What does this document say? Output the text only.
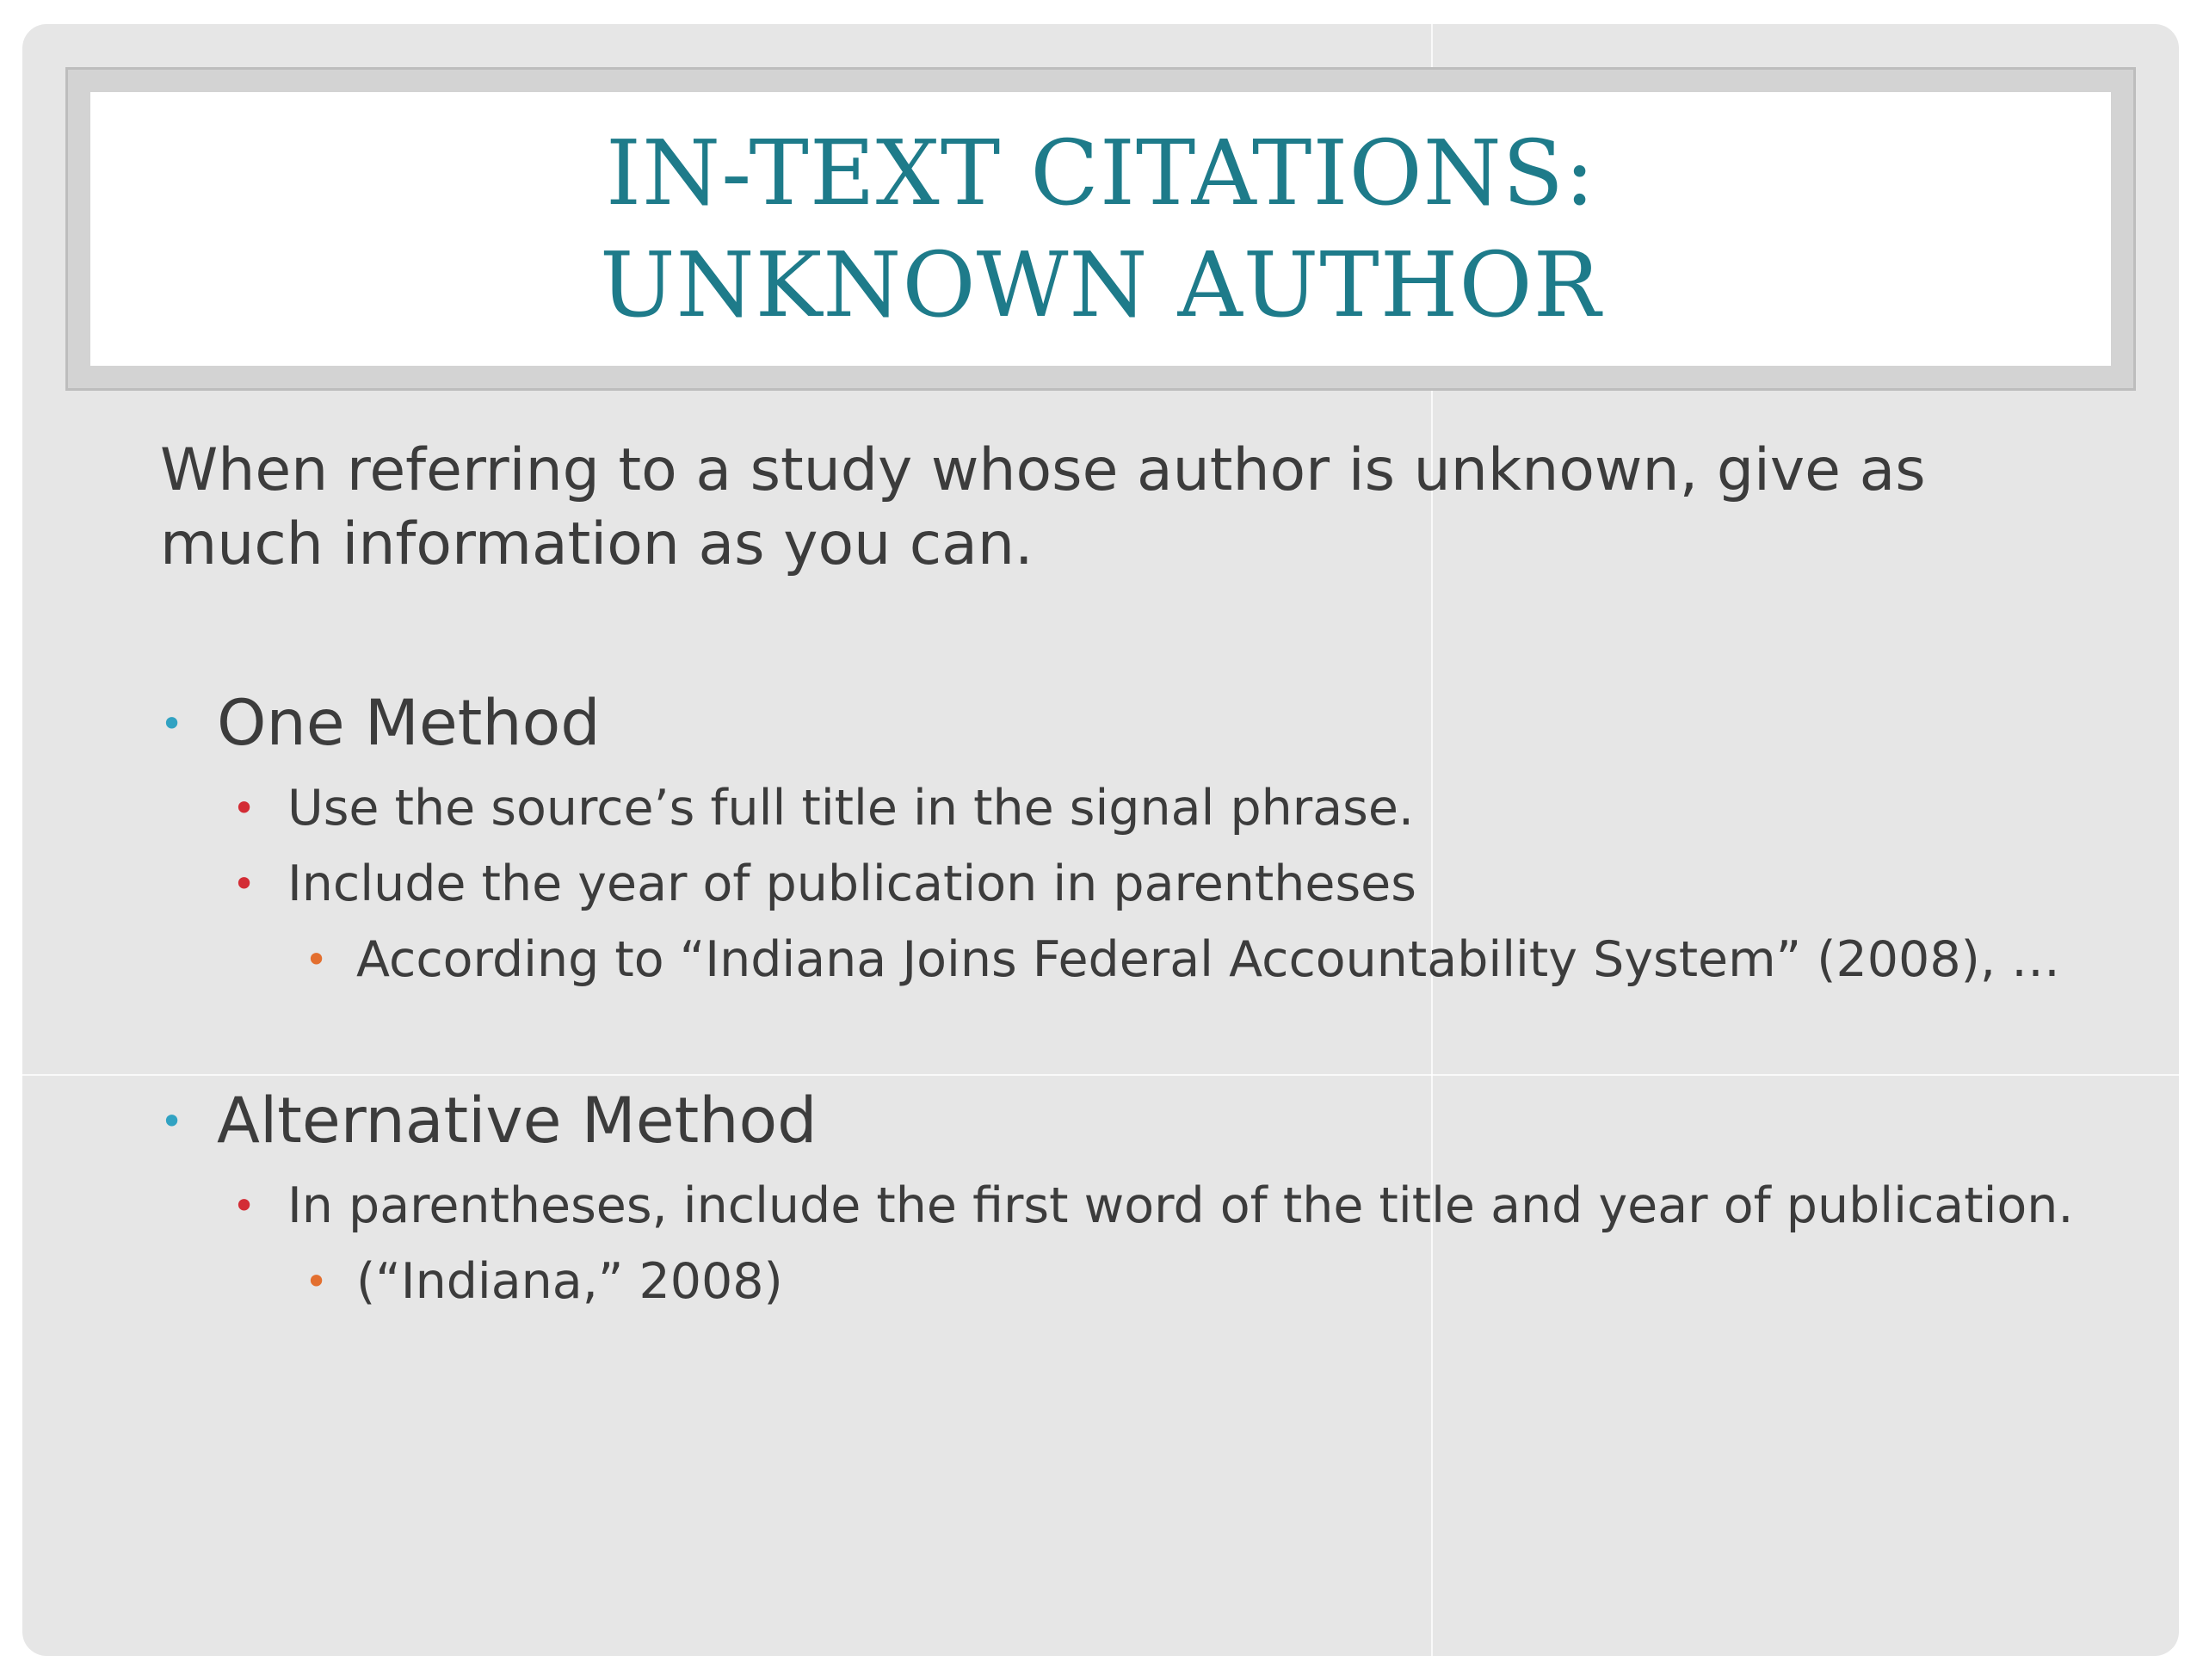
IN-TEXT CITATIONS:
UNKNOWN AUTHOR

When referring to a study whose author is unknown, give as much information as you can.

• One Method
• Use the source’s full title in the signal phrase.
• Include the year of publication in parentheses
• According to “Indiana Joins Federal Accountability System” (2008), …
• Alternative Method
• In parentheses, include the first word of the title and year of publication.
• (“Indiana,” 2008)
